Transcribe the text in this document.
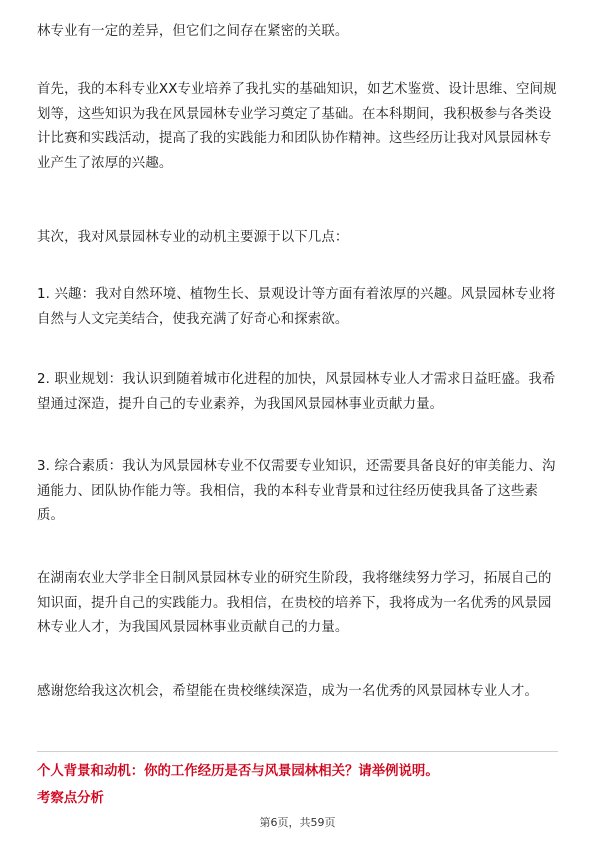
林专业有一定的差异，但它们之间存在紧密的关联。

首先，我的本科专业XX专业培养了我扎实的基础知识，如艺术鉴赏、设计思维、空间规划等，这些知识为我在风景园林专业学习奠定了基础。在本科期间，我积极参与各类设计比赛和实践活动，提高了我的实践能力和团队协作精神。这些经历让我对风景园林专业产生了浓厚的兴趣。

其次，我对风景园林专业的动机主要源于以下几点：

1. 兴趣：我对自然环境、植物生长、景观设计等方面有着浓厚的兴趣。风景园林专业将自然与人文完美结合，使我充满了好奇心和探索欲。

2. 职业规划：我认识到随着城市化进程的加快，风景园林专业人才需求日益旺盛。我希望通过深造，提升自己的专业素养，为我国风景园林事业贡献力量。

3. 综合素质：我认为风景园林专业不仅需要专业知识，还需要具备良好的审美能力、沟通能力、团队协作能力等。我相信，我的本科专业背景和过往经历使我具备了这些素质。

在湖南农业大学非全日制风景园林专业的研究生阶段，我将继续努力学习，拓展自己的知识面，提升自己的实践能力。我相信，在贵校的培养下，我将成为一名优秀的风景园林专业人才，为我国风景园林事业贡献自己的力量。

感谢您给我这次机会，希望能在贵校继续深造，成为一名优秀的风景园林专业人才。

个人背景和动机：你的工作经历是否与风景园林相关？请举例说明。

考察点分析

第6页，共59页
